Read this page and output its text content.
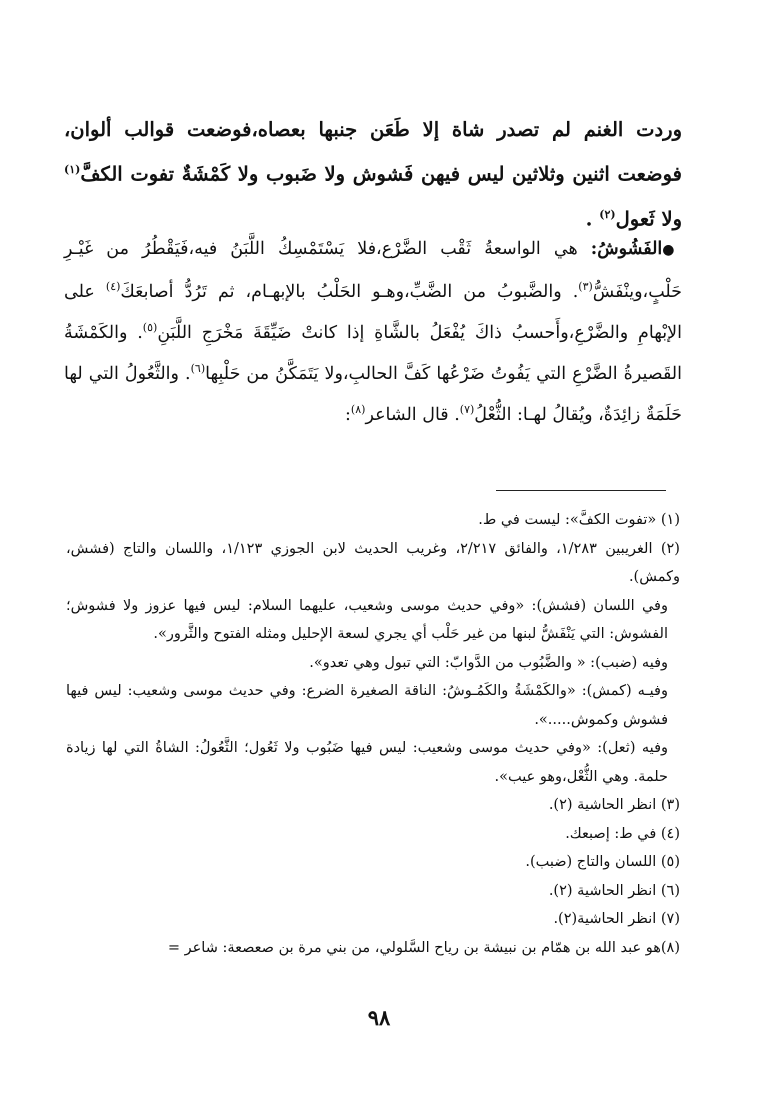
وردت الغنم لم تصدر شاة إلا طَعَن جنبها بعصاه،فوضعت قوالب ألوان، فوضعت اثنين وثلاثين ليس فيهن فَشوش ولا ضَبوب ولا كَمْشَةٌ تفوت الكفَّ$^{(١)}$ ولا ثَعول$^{(٢)}$ .

●الفَشُوشُ: هي الواسعةُ ثَقْب الضَّرْع،فلا يَسْتَمْسِكُ اللَّبَنُ فيه،فَيَقْطُرُ من غَيْـرِ حَلْبٍ،وينْفَشُّ$^{(٣)}$. والضَّبوبُ من الضَّبِّ،وهـو الحَلْبُ بالإبهـام، ثم تَرُدُّ أصابعَكَ$^{(٤)}$ على الإبْهامِ والضَّرْعِ،وأَحسبُ ذاكَ يُفْعَلُ بالشَّاةِ إذا كانتْ ضَيِّقَةَ مَخْرَجِ اللَّبَنِ$^{(٥)}$. والكَمْشَةُ القَصيرةُ الضَّرْعِ التي يَفُوتُ ضَرْعُها كَفَّ الحالبِ،ولا يَتَمَكَّنُ من حَلْبِها$^{(٦)}$. والثَّعُولُ التي لها حَلَمَةٌ زائِدَةٌ، ويُقالُ لهـا: الثُّعْلُ$^{(٧)}$. قال الشاعر$^{(٨)}$:

(١) «تفوت الكفَّ»: ليست في ط.

(٢) الغريبين ١/٢٨٣، والفائق ٢/٢١٧، وغريب الحديث لابن الجوزي ١/١٢٣، واللسان والتاج (فشش، وكمش).

وفي اللسان (فشش): «وفي حديث موسى وشعيب، عليهما السلام: ليس فيها عزوز ولا فشوش؛ الفشوش: التي يَنْفَشُّ لبنها من غير حَلْب أي يجري لسعة الإحليل ومثله الفتوح والثَّرور».

وفيه (ضبب): « والضَّبُوب من الدَّوابّ: التي تبول وهي تعدو».

وفيـه (كمش): «والكَمْشَةُ والكَمُـوشُ: الناقة الصغيرة الضرع: وفي حديث موسى وشعيب: ليس فيها فشوش وكموش.....».

وفيه (ثعل): «وفي حديث موسى وشعيب: ليس فيها ضَبُوب ولا ثَعُول؛ الثَّعُولُ: الشاةُ التي لها زيادة حلمة. وهي الثُّعْل،وهو عيب».

(٣) انظر الحاشية (٢).

(٤) في ط: إصبعك.

(٥) اللسان والتاج (ضبب).

(٦) انظر الحاشية (٢).

(٧) انظر الحاشية(٢).

(٨)هو عبد الله بن همّام بن نبيشة بن رياح السَّلولي، من بني مرة بن صعصعة: شاعر =

٩٨
